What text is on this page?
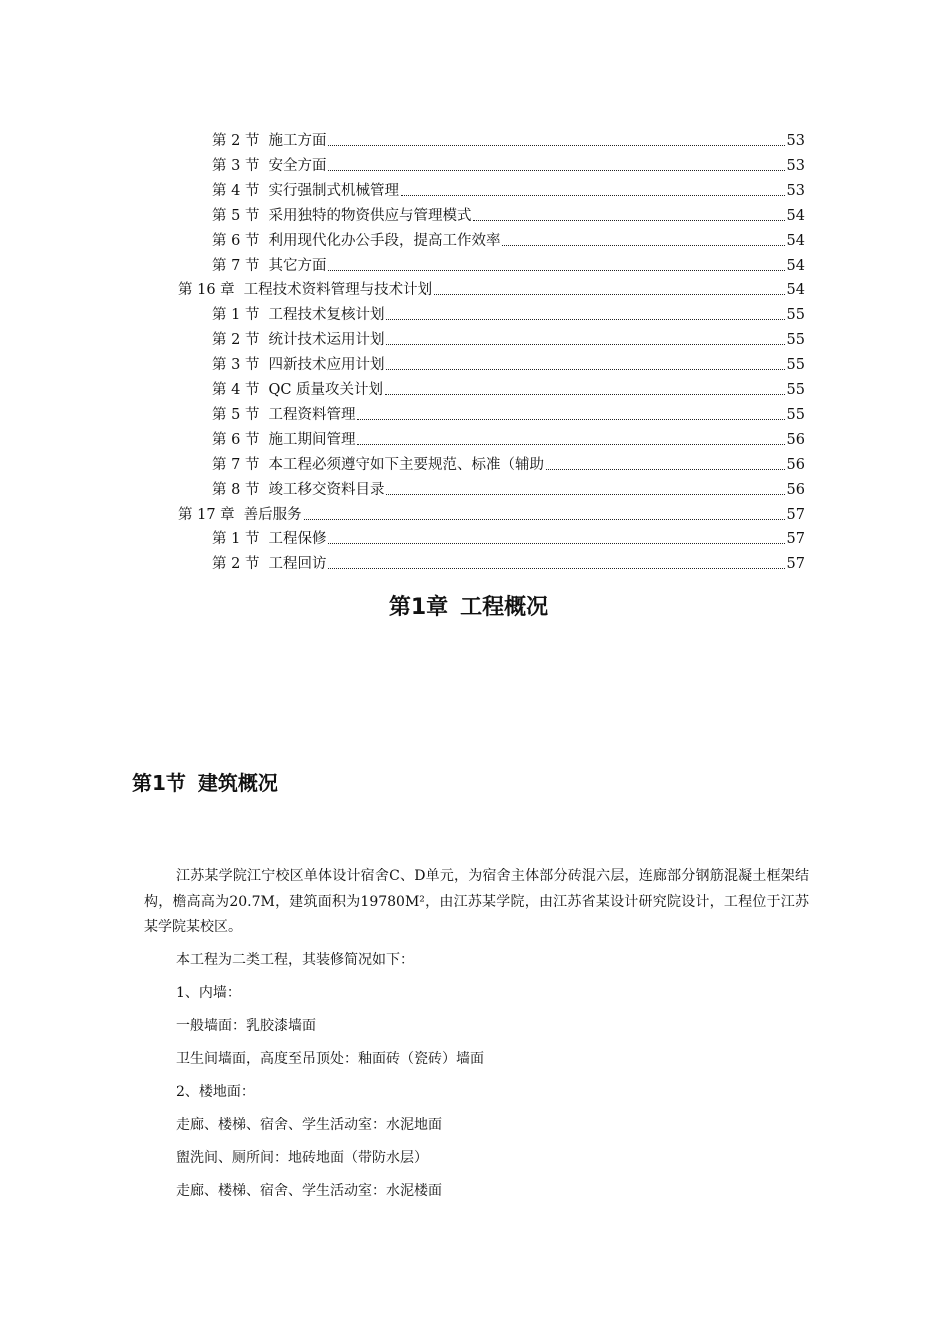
第 2 节 施工方面	53
第 3 节 安全方面	53
第 4 节 实行强制式机械管理	53
第 5 节 采用独特的物资供应与管理模式	54
第 6 节 利用现代化办公手段，提高工作效率	54
第 7 节 其它方面	54
第 16 章 工程技术资料管理与技术计划	54
第 1 节 工程技术复核计划	55
第 2 节 统计技术运用计划	55
第 3 节 四新技术应用计划	55
第 4 节 QC 质量攻关计划	55
第 5 节 工程资料管理	55
第 6 节 施工期间管理	56
第 7 节 本工程必须遵守如下主要规范、标准（辅助	56
第 8 节 竣工移交资料目录	56
第 17 章 善后服务	57
第 1 节 工程保修	57
第 2 节 工程回访	57
第1章 工程概况
第1节 建筑概况
江苏某学院江宁校区单体设计宿舍C、D单元，为宿舍主体部分砖混六层，连廊部分钢筋混凝土框架结构，檐高高为20.7M，建筑面积为19780M²，由江苏某学院，由江苏省某设计研究院设计，工程位于江苏某学院某校区。
本工程为二类工程，其装修简况如下：
1、内墙：
一般墙面：乳胶漆墙面
卫生间墙面，高度至吊顶处：釉面砖（瓷砖）墙面
2、楼地面：
走廊、楼梯、宿舍、学生活动室：水泥地面
盥洗间、厕所间：地砖地面（带防水层）
走廊、楼梯、宿舍、学生活动室：水泥楼面
